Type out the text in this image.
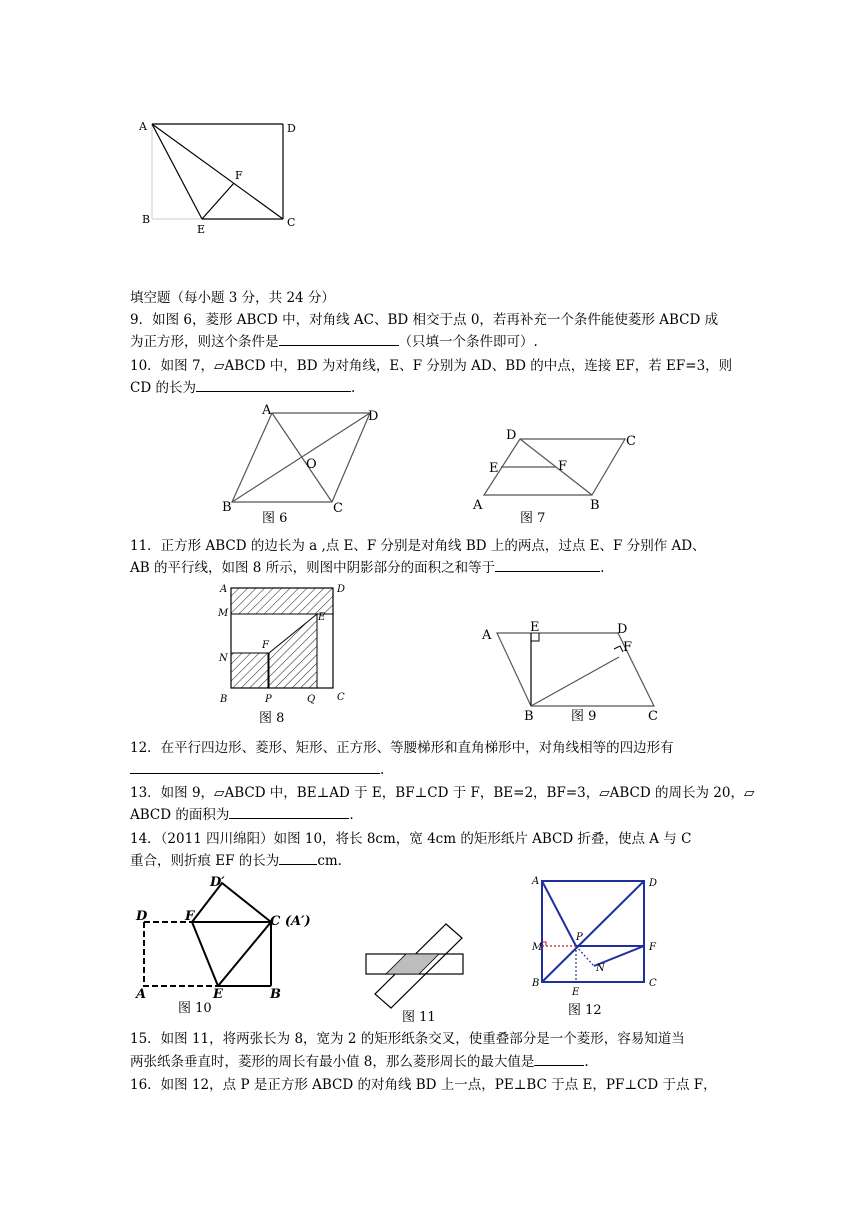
A
B	C
D
E
F
填空题（每小题 3 分，共 24 分）
9．如图 6，菱形 ABCD 中，对角线 AC、BD 相交于点 0，若再补充一个条件能使菱形 ABCD 成
为正方形，则这个条件是	（只填一个条件即可）.
10．如图 7，▱ABCD 中，BD 为对角线，E、F 分别为 AD、BD 的中点，连接 EF，若 EF=3，则
CD 的长为	.
A	D
O
B	C
图 6
D	C
E	F
A	B
图 7
11．正方形 ABCD 的边长为 a ,点 E、F 分别是对角线 BD 上的两点，过点 E、F 分别作 AD、
AB 的平行线，如图 8 所示，则图中阴影部分的面积之和等于	.
A	D
M	E
F
N
B	P	Q C
图 8
A
E	D
F
B	C
图 9
12．在平行四边形、菱形、矩形、正方形、等腰梯形和直角梯形中，对角线相等的四边形有
.
13．如图 9，▱ABCD 中，BE⊥AD 于 E，BF⊥CD 于 F，BE=2，BF=3，▱ABCD 的周长为 20，▱
ABCD 的面积为	.
14．（2011 四川绵阳）如图 10，将长 8cm，宽 4cm 的矩形纸片 ABCD 折叠，使点 A 与 C
重合，则折痕 EF 的长为	cm.
D′
D	F	C (A′)
A	E	B
图 10
图 11
A	D
M
P
F
N
B
E
C
图 12
15．如图 11，将两张长为 8，宽为 2 的矩形纸条交叉，使重叠部分是一个菱形，容易知道当
两张纸条垂直时，菱形的周长有最小值 8，那么菱形周长的最大值是	.
16．如图 12，点 P 是正方形 ABCD 的对角线 BD 上一点，PE⊥BC 于点 E，PF⊥CD 于点 F，
